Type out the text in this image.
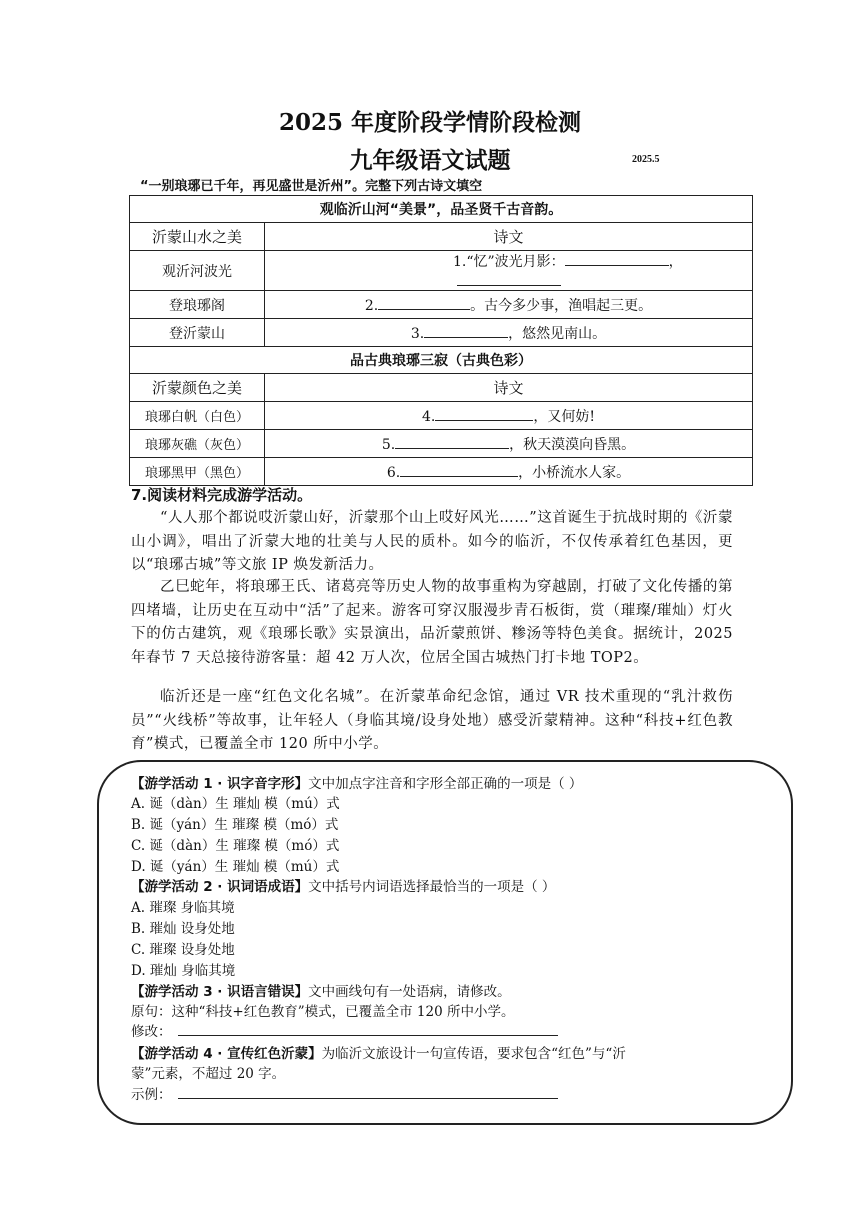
2025 年度阶段学情阶段检测
九年级语文试题	2025.5
“一别琅琊已千年，再见盛世是沂州”。完整下列古诗文填空
观临沂山河“美景”，品圣贤千古音韵。	
沂蒙山水之美	诗文
观沂河波光	1.“忆”波光月影： ，
登琅琊阁	2. 。古今多少事，渔唱起三更。
登沂蒙山	3. ，悠然见南山。
品古典琅琊三寂（古典色彩）	
沂蒙颜色之美	诗文
琅琊白帆（白色）	4. ，又何妨!
琅琊灰礁（灰色）	5. ，秋天漠漠向昏黑。
琅琊黑甲（黑色）	6. ，小桥流水人家。
7.阅读材料完成游学活动。
“人人那个都说哎沂蒙山好，沂蒙那个山上哎好风光……”这首诞生于抗战时期的《沂蒙山小调》，唱出了沂蒙大地的壮美与人民的质朴。如今的临沂，不仅传承着红色基因，更以“琅琊古城”等文旅 IP 焕发新活力。
乙巳蛇年，将琅琊王氏、诸葛亮等历史人物的故事重构为穿越剧，打破了文化传播的第四堵墙，让历史在互动中“活”了起来。游客可穿汉服漫步青石板街，赏（璀璨/璀灿）灯火下的仿古建筑，观《琅琊长歌》实景演出，品沂蒙煎饼、糁汤等特色美食。据统计，2025 年春节 7 天总接待游客量：超 42 万人次，位居全国古城热门打卡地 TOP2。
临沂还是一座“红色文化名城”。在沂蒙革命纪念馆，通过 VR 技术重现的“乳汁救伤员”“火线桥”等故事，让年轻人（身临其境/设身处地）感受沂蒙精神。这种“科技+红色教育”模式，已覆盖全市 120 所中小学。
【游学活动 1 · 识字音字形】文中加点字注音和字形全部正确的一项是（ ）
A. 诞（dàn）生 璀灿 模（mú）式
B. 诞（yán）生 璀璨 模（mó）式
C. 诞（dàn）生 璀璨 模（mó）式
D. 诞（yán）生 璀灿 模（mú）式
【游学活动 2 · 识词语成语】文中括号内词语选择最恰当的一项是（ ）
A. 璀璨 身临其境
B. 璀灿 设身处地
C. 璀璨 设身处地
D. 璀灿 身临其境
【游学活动 3 · 识语言错误】文中画线句有一处语病，请修改。
原句：这种“科技+红色教育”模式，已覆盖全市 120 所中小学。
修改：
【游学活动 4 · 宣传红色沂蒙】为临沂文旅设计一句宣传语，要求包含“红色”与“沂
蒙”元素，不超过 20 字。
示例：
